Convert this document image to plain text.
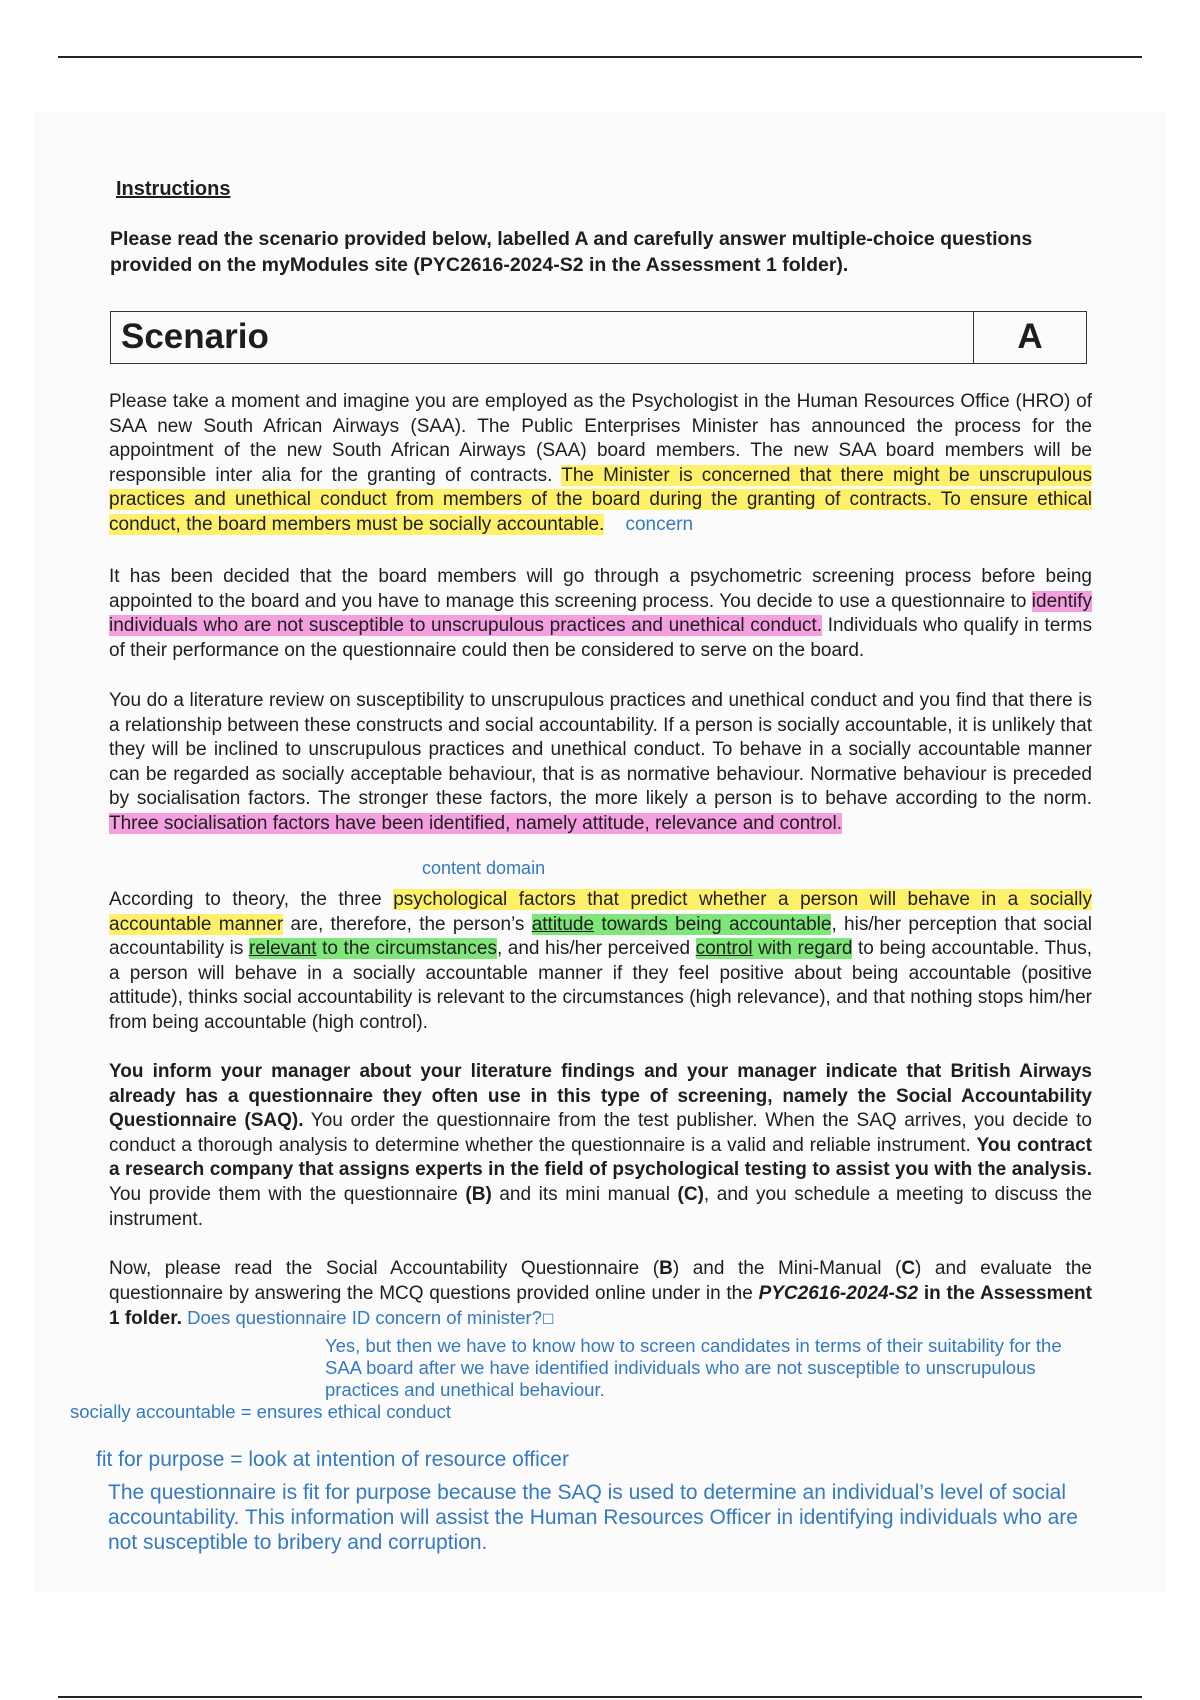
Instructions
Please read the scenario provided below, labelled A and carefully answer multiple-choice questions provided on the myModules site (PYC2616-2024-S2 in the Assessment 1 folder).
Scenario	A
Please take a moment and imagine you are employed as the Psychologist in the Human Resources Office (HRO) of SAA new South African Airways (SAA). The Public Enterprises Minister has announced the process for the appointment of the new South African Airways (SAA) board members. The new SAA board members will be responsible inter alia for the granting of contracts. The Minister is concerned that there might be unscrupulous practices and unethical conduct from members of the board during the granting of contracts. To ensure ethical conduct, the board members must be socially accountable. concern
It has been decided that the board members will go through a psychometric screening process before being appointed to the board and you have to manage this screening process. You decide to use a questionnaire to identify individuals who are not susceptible to unscrupulous practices and unethical conduct. Individuals who qualify in terms of their performance on the questionnaire could then be considered to serve on the board.
You do a literature review on susceptibility to unscrupulous practices and unethical conduct and you find that there is a relationship between these constructs and social accountability. If a person is socially accountable, it is unlikely that they will be inclined to unscrupulous practices and unethical conduct. To behave in a socially accountable manner can be regarded as socially acceptable behaviour, that is as normative behaviour. Normative behaviour is preceded by socialisation factors. The stronger these factors, the more likely a person is to behave according to the norm. Three socialisation factors have been identified, namely attitude, relevance and control.
content domain
According to theory, the three psychological factors that predict whether a person will behave in a socially accountable manner are, therefore, the person’s attitude towards being accountable, his/her perception that social accountability is relevant to the circumstances, and his/her perceived control with regard to being accountable. Thus, a person will behave in a socially accountable manner if they feel positive about being accountable (positive attitude), thinks social accountability is relevant to the circumstances (high relevance), and that nothing stops him/her from being accountable (high control).
You inform your manager about your literature findings and your manager indicate that British Airways already has a questionnaire they often use in this type of screening, namely the Social Accountability Questionnaire (SAQ). You order the questionnaire from the test publisher. When the SAQ arrives, you decide to conduct a thorough analysis to determine whether the questionnaire is a valid and reliable instrument. You contract a research company that assigns experts in the field of psychological testing to assist you with the analysis. You provide them with the questionnaire (B) and its mini manual (C), and you schedule a meeting to discuss the instrument.
Now, please read the Social Accountability Questionnaire (B) and the Mini-Manual (C) and evaluate the questionnaire by answering the MCQ questions provided online under in the PYC2616-2024-S2 in the Assessment 1 folder. Does questionnaire ID concern of minister?☐
Yes, but then we have to know how to screen candidates in terms of their suitability for the SAA board after we have identified individuals who are not susceptible to unscrupulous practices and unethical behaviour.
socially accountable = ensures ethical conduct
fit for purpose = look at intention of resource officer
The questionnaire is fit for purpose because the SAQ is used to determine an individual’s level of social accountability. This information will assist the Human Resources Officer in identifying individuals who are not susceptible to bribery and corruption.
